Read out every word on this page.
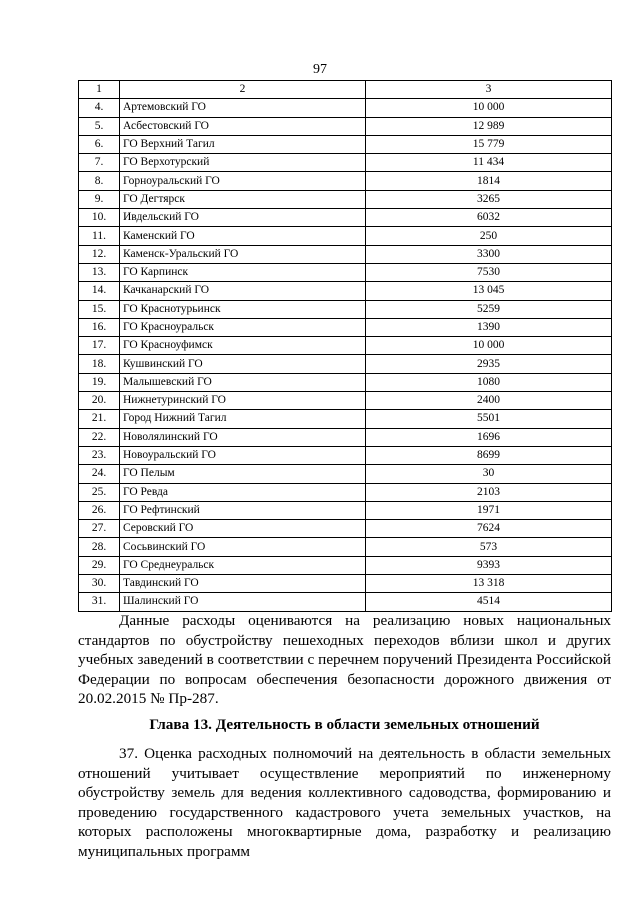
97
1	2	3
4.	Артемовский ГО	10 000
5.	Асбестовский ГО	12 989
6.	ГО Верхний Тагил	15 779
7.	ГО Верхотурский	11 434
8.	Горноуральский ГО	1814
9.	ГО Дегтярск	3265
10.	Ивдельский ГО	6032
11.	Каменский ГО	250
12.	Каменск-Уральский ГО	3300
13.	ГО Карпинск	7530
14.	Качканарский ГО	13 045
15.	ГО Краснотурьинск	5259
16.	ГО Красноуральск	1390
17.	ГО Красноуфимск	10 000
18.	Кушвинский ГО	2935
19.	Малышевский ГО	1080
20.	Нижнетуринский ГО	2400
21.	Город Нижний Тагил	5501
22.	Новолялинский ГО	1696
23.	Новоуральский ГО	8699
24.	ГО Пелым	30
25.	ГО Ревда	2103
26.	ГО Рефтинский	1971
27.	Серовский ГО	7624
28.	Сосьвинский ГО	573
29.	ГО Среднеуральск	9393
30.	Тавдинский ГО	13 318
31.	Шалинский ГО	4514
Данные расходы оцениваются на реализацию новых национальных стандартов по обустройству пешеходных переходов вблизи школ и других учебных заведений в соответствии с перечнем поручений Президента Российской Федерации по вопросам обеспечения безопасности дорожного движения от 20.02.2015 № Пр-287.
Глава 13. Деятельность в области земельных отношений
37. Оценка расходных полномочий на деятельность в области земельных отношений учитывает осуществление мероприятий по инженерному обустройству земель для ведения коллективного садоводства, формированию и проведению государственного кадастрового учета земельных участков, на которых расположены многоквартирные дома, разработку и реализацию муниципальных программ
